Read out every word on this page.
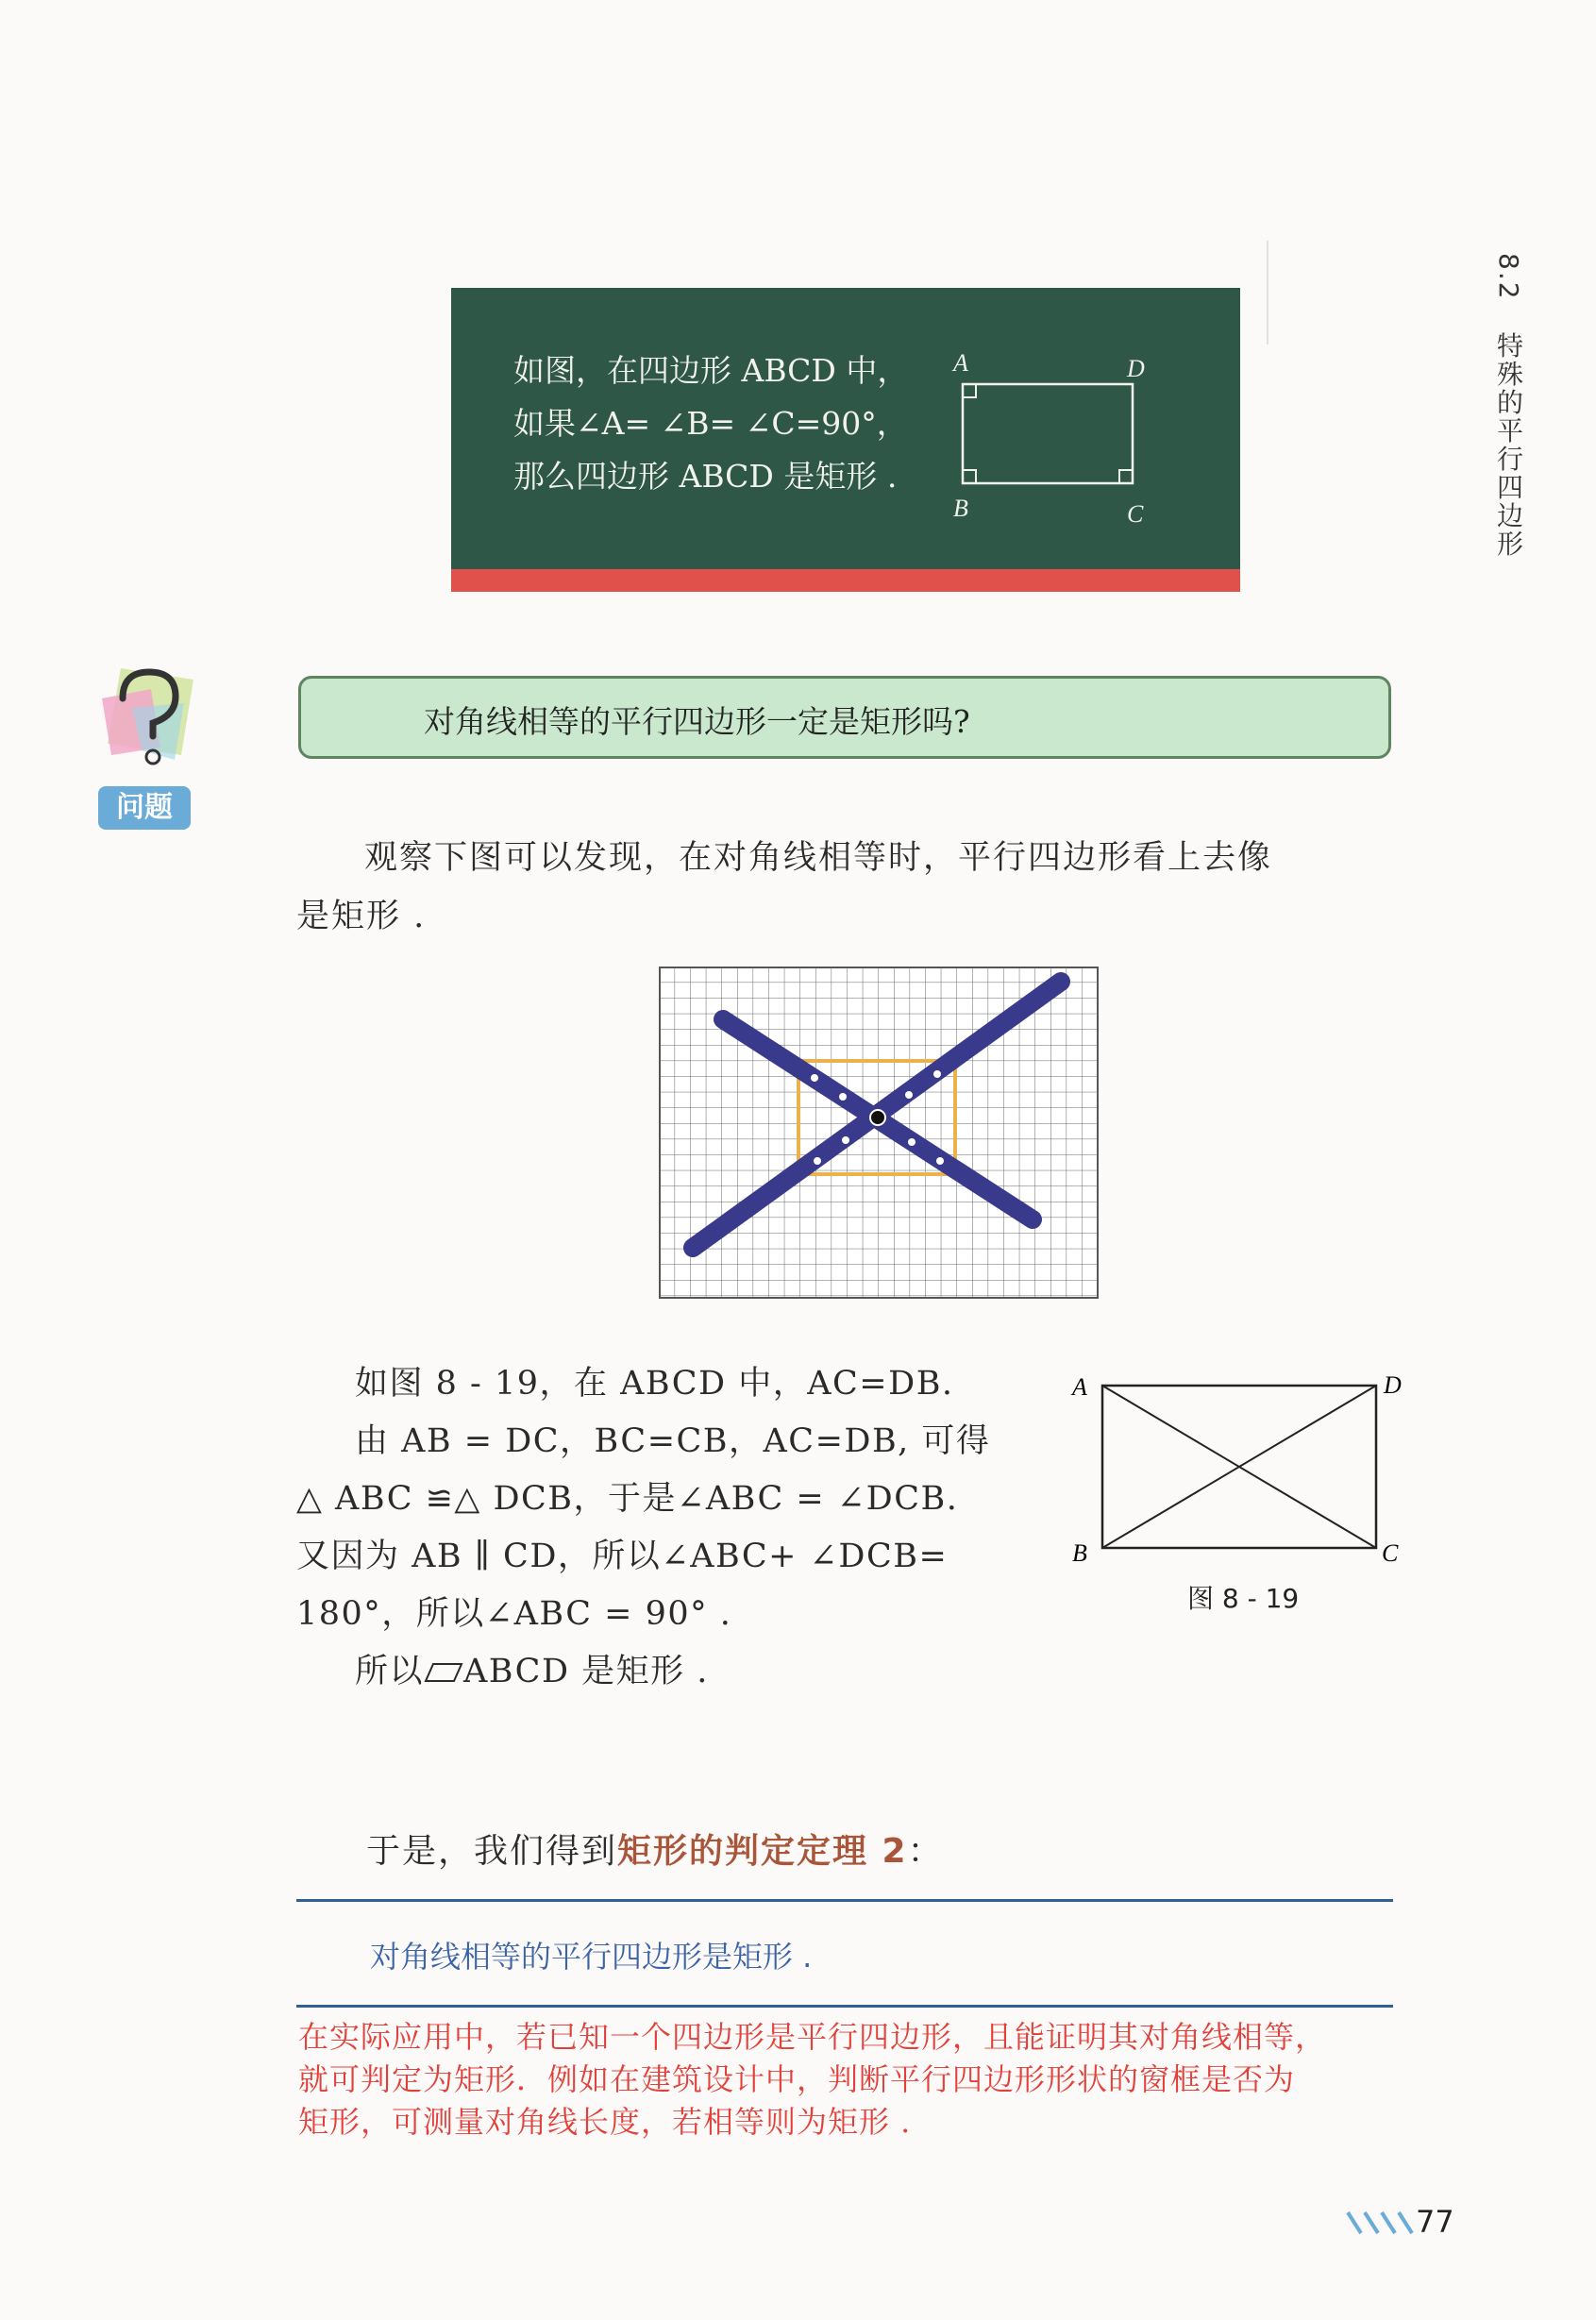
8.2 特殊的平行四边形
如图，在四边形 ABCD 中，
如果∠A= ∠B= ∠C=90°，
那么四边形 ABCD 是矩形 .
A	D
B	C
问题
对角线相等的平行四边形一定是矩形吗?
观察下图可以发现，在对角线相等时，平行四边形看上去像
是矩形 .
如图 8 - 19，在 ABCD 中，AC=DB.
由 AB = DC，BC=CB，AC=DB, 可得
△ ABC ≌△ DCB，于是∠ABC = ∠DCB.
又因为 AB ∥ CD，所以∠ABC+ ∠DCB=
180°，所以∠ABC = 90° .
所以 ABCD 是矩形 .
A	D
B	C
图 8 - 19
于是，我们得到矩形的判定定理 2：
对角线相等的平行四边形是矩形 .
在实际应用中，若已知一个四边形是平行四边形，且能证明其对角线相等，
就可判定为矩形．例如在建筑设计中，判断平行四边形形状的窗框是否为
矩形，可测量对角线长度，若相等则为矩形 .
77
